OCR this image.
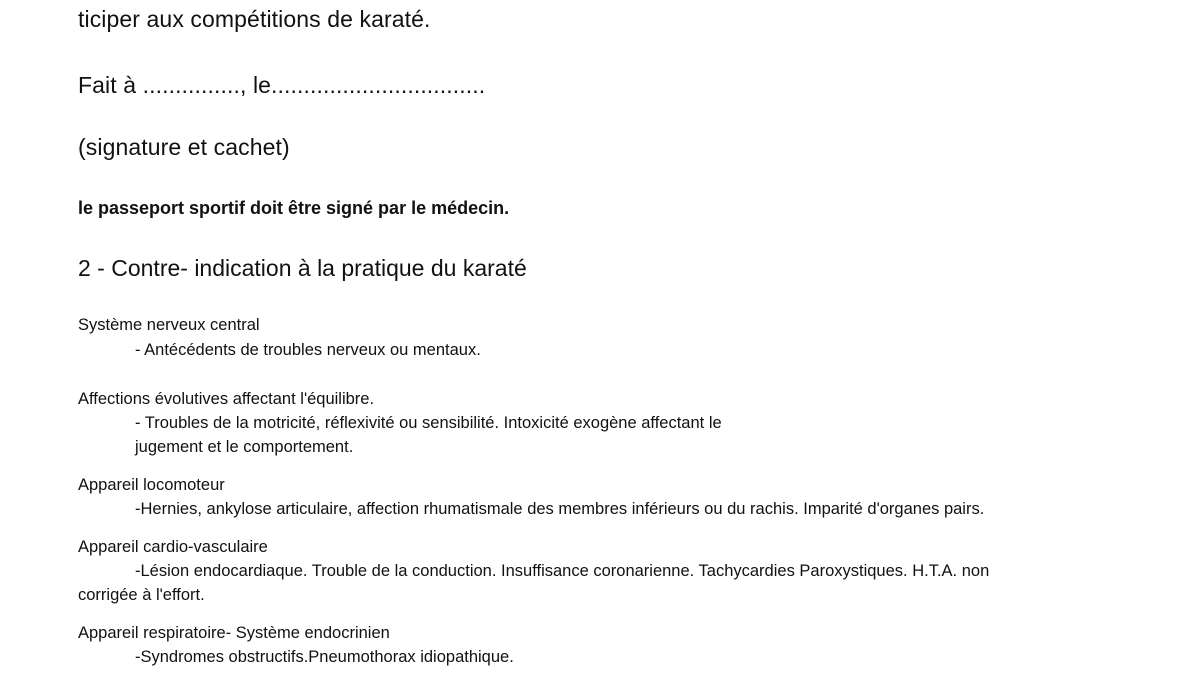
ticiper aux compétitions de karaté.

Fait à ..............., le.................................

(signature et cachet)

le passeport sportif doit être signé par le médecin.

2 - Contre- indication à la pratique du karaté

Système nerveux central

- Antécédents de troubles nerveux ou mentaux.

Affections évolutives affectant l'équilibre.

- Troubles de la motricité, réflexivité ou sensibilité. Intoxicité exogène affectant le

jugement et le comportement.

Appareil locomoteur

-Hernies, ankylose articulaire, affection rhumatismale des membres inférieurs ou du rachis. Imparité d'organes pairs.

Appareil cardio-vasculaire

-Lésion endocardiaque. Trouble de la conduction. Insuffisance coronarienne. Tachycardies Paroxystiques. H.T.A. non

corrigée à l'effort.

Appareil respiratoire- Système endocrinien

-Syndromes obstructifs.Pneumothorax idiopathique.
